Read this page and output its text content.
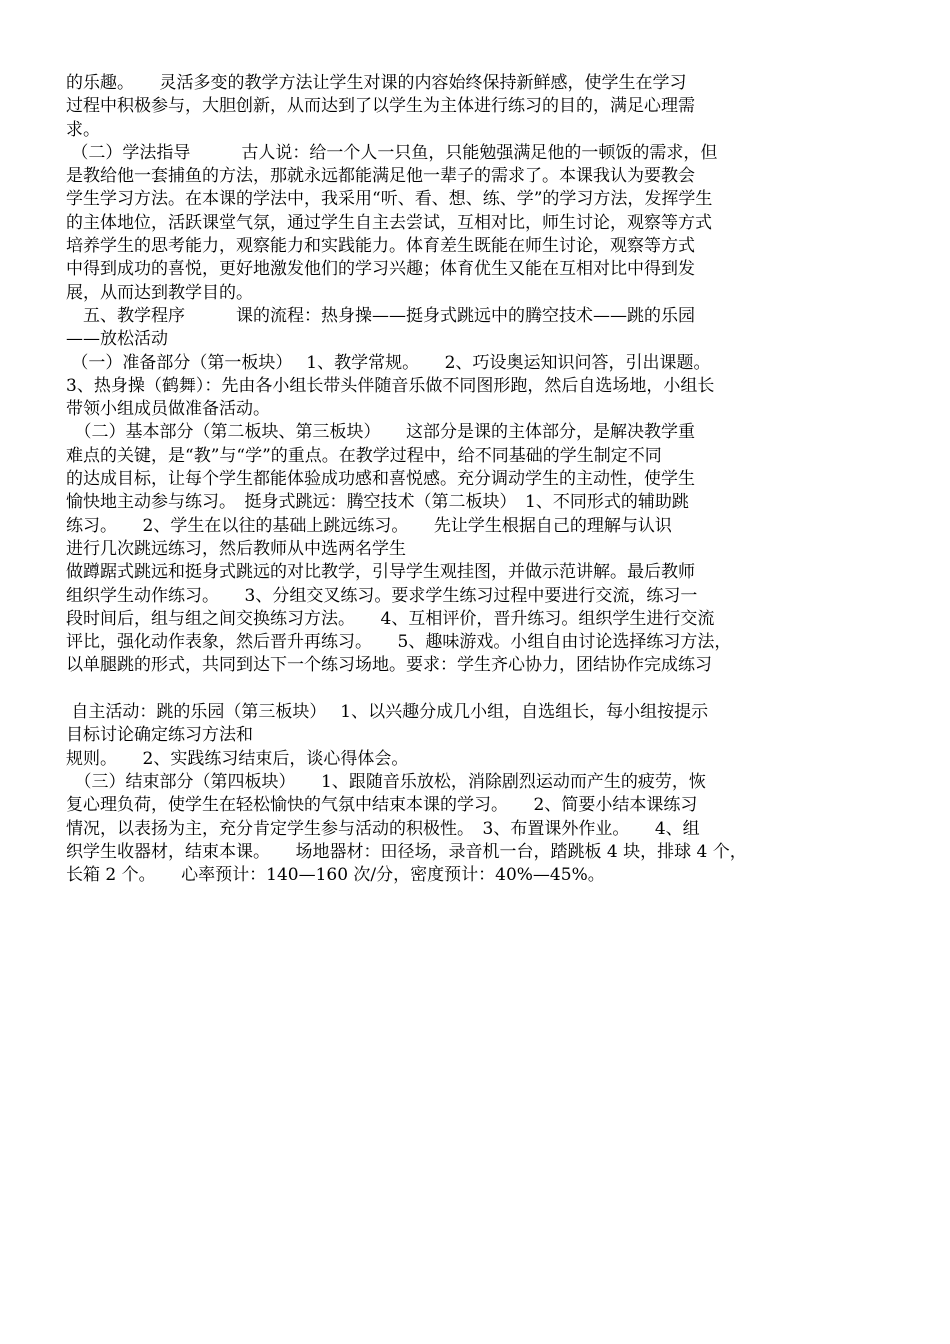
的乐趣。　　灵活多变的教学方法让学生对课的内容始终保持新鲜感，使学生在学习
过程中积极参与，大胆创新，从而达到了以学生为主体进行练习的目的，满足心理需
求。
（二）学法指导　　　古人说：给一个人一只鱼，只能勉强满足他的一顿饭的需求，但
是教给他一套捕鱼的方法，那就永远都能满足他一辈子的需求了。本课我认为要教会
学生学习方法。在本课的学法中，我采用“听、看、想、练、学”的学习方法，发挥学生
的主体地位，活跃课堂气氛，通过学生自主去尝试，互相对比，师生讨论，观察等方式
培养学生的思考能力，观察能力和实践能力。体育差生既能在师生讨论，观察等方式
中得到成功的喜悦，更好地激发他们的学习兴趣；体育优生又能在互相对比中得到发
展，从而达到教学目的。
　五、教学程序　　　课的流程：热身操——挺身式跳远中的腾空技术——跳的乐园
——放松活动
（一）准备部分（第一板块）　 1、教学常规。　　2、巧设奥运知识问答，引出课题。
3、热身操（鹤舞）：先由各小组长带头伴随音乐做不同图形跑，然后自选场地，小组长
带领小组成员做准备活动。
　（二）基本部分（第二板块、第三板块）　　这部分是课的主体部分，是解决教学重
难点的关键，是“教”与“学”的重点。在教学过程中，给不同基础的学生制定不同
的达成目标，让每个学生都能体验成功感和喜悦感。充分调动学生的主动性，使学生
愉快地主动参与练习。　挺身式跳远：腾空技术（第二板块）　1、不同形式的辅助跳
练习。　　2、学生在以往的基础上跳远练习。　　先让学生根据自己的理解与认识
进行几次跳远练习，然后教师从中选两名学生
做蹲踞式跳远和挺身式跳远的对比教学，引导学生观挂图，并做示范讲解。最后教师
组织学生动作练习。　　3、分组交叉练习。要求学生练习过程中要进行交流，练习一
段时间后，组与组之间交换练习方法。　　4、互相评价，晋升练习。组织学生进行交流
评比，强化动作表象，然后晋升再练习。　　5、趣味游戏。小组自由讨论选择练习方法，
以单腿跳的形式，共同到达下一个练习场地。要求：学生齐心协力，团结协作完成练习
自主活动：跳的乐园（第三板块）　 1、以兴趣分成几小组，自选组长，每小组按提示
目标讨论确定练习方法和
规则。　　2、实践练习结束后，谈心得体会。
　（三）结束部分（第四板块）　　1、跟随音乐放松，消除剧烈运动而产生的疲劳，恢
复心理负荷，使学生在轻松愉快的气氛中结束本课的学习。　　2、简要小结本课练习
情况，以表扬为主，充分肯定学生参与活动的积极性。　3、布置课外作业。　　4、组
织学生收器材，结束本课。　　场地器材：田径场，录音机一台，踏跳板 4 块，排球 4 个，
长箱 2 个。　　心率预计：140—160 次/分，密度预计：40%—45%。
